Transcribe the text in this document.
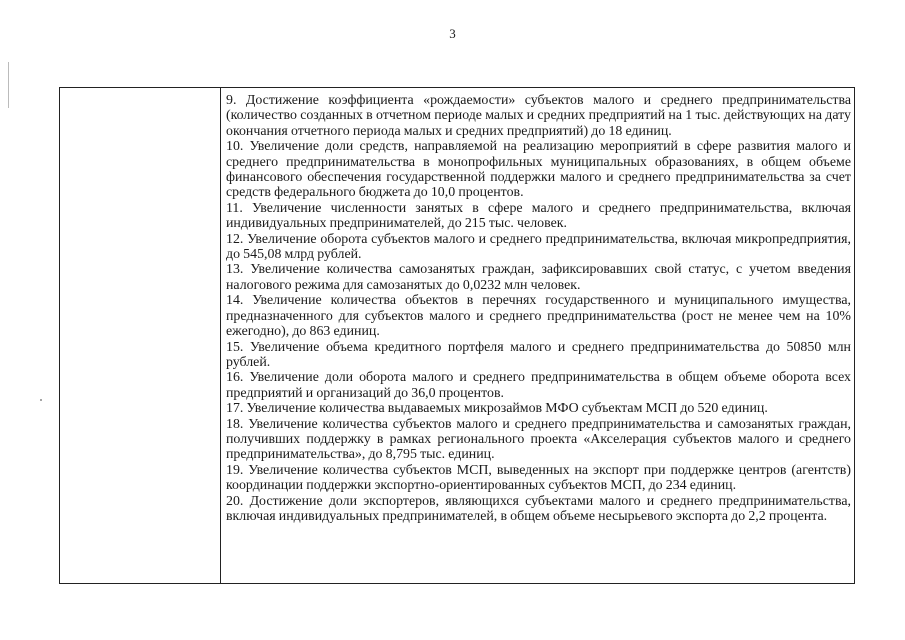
3
9. Достижение коэффициента «рождаемости» субъектов малого и среднего предпринимательства (количество созданных в отчетном периоде малых и средних предприятий на 1 тыс. действующих на дату окончания отчетного периода малых и средних предприятий) до 18 единиц.
10. Увеличение доли средств, направляемой на реализацию мероприятий в сфере развития малого и среднего предпринимательства в монопрофильных муниципальных образованиях, в общем объеме финансового обеспечения государственной поддержки малого и среднего предпринимательства за счет средств федерального бюджета до 10,0 процентов.
11. Увеличение численности занятых в сфере малого и среднего предпринимательства, включая индивидуальных предпринимателей, до 215 тыс. человек.
12. Увеличение оборота субъектов малого и среднего предпринимательства, включая микропредприятия, до 545,08 млрд рублей.
13. Увеличение количества самозанятых граждан, зафиксировавших свой статус, с учетом введения налогового режима для самозанятых до 0,0232 млн человек.
14. Увеличение количества объектов в перечнях государственного и муниципального имущества, предназначенного для субъектов малого и среднего предпринимательства (рост не менее чем на 10% ежегодно), до 863 единиц.
15. Увеличение объема кредитного портфеля малого и среднего предпринимательства до 50850 млн рублей.
16. Увеличение доли оборота малого и среднего предпринимательства в общем объеме оборота всех предприятий и организаций до 36,0 процентов.
17. Увеличение количества выдаваемых микрозаймов МФО субъектам МСП до 520 единиц.
18. Увеличение количества субъектов малого и среднего предпринимательства и самозанятых граждан, получивших поддержку в рамках регионального проекта «Акселерация субъектов малого и среднего предпринимательства», до 8,795 тыс. единиц.
19. Увеличение количества субъектов МСП, выведенных на экспорт при поддержке центров (агентств) координации поддержки экспортно-ориентированных субъектов МСП, до 234 единиц.
20. Достижение доли экспортеров, являющихся субъектами малого и среднего предпринимательства, включая индивидуальных предпринимателей, в общем объеме несырьевого экспорта до 2,2 процента.
